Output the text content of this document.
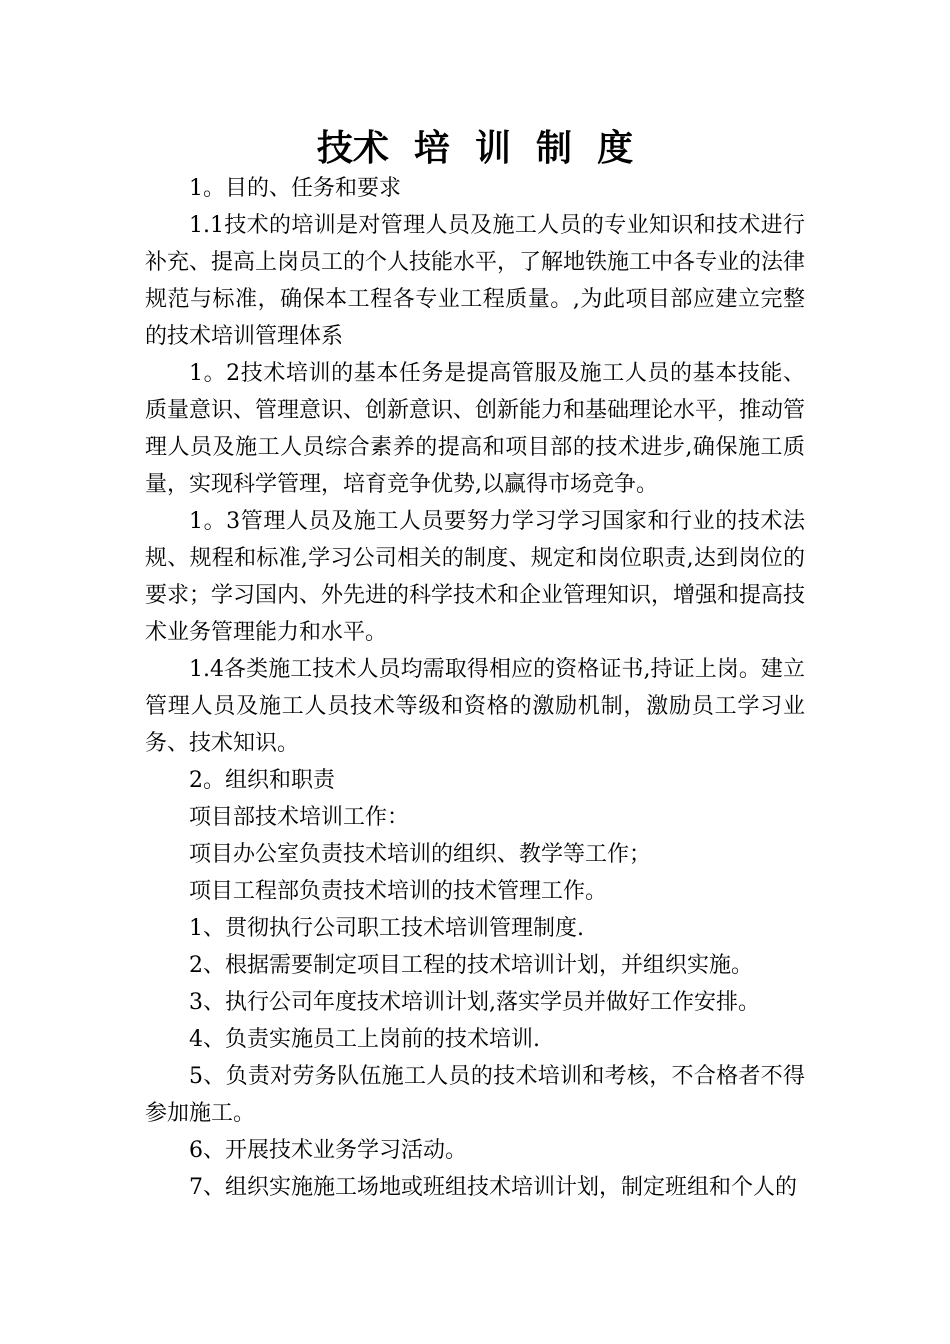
技术  培  训  制  度

1。目的、任务和要求

1.1技术的培训是对管理人员及施工人员的专业知识和技术进行补充、提高上岗员工的个人技能水平，了解地铁施工中各专业的法律规范与标准，确保本工程各专业工程质量。,为此项目部应建立完整的技术培训管理体系

1。2技术培训的基本任务是提高管服及施工人员的基本技能、质量意识、管理意识、创新意识、创新能力和基础理论水平，推动管理人员及施工人员综合素养的提高和项目部的技术进步,确保施工质量，实现科学管理，培育竞争优势,以赢得市场竞争。

1。3管理人员及施工人员要努力学习学习国家和行业的技术法规、规程和标准,学习公司相关的制度、规定和岗位职责,达到岗位的要求；学习国内、外先进的科学技术和企业管理知识，增强和提高技术业务管理能力和水平。

1.4各类施工技术人员均需取得相应的资格证书,持证上岗。建立管理人员及施工人员技术等级和资格的激励机制，激励员工学习业务、技术知识。

2。组织和职责

项目部技术培训工作：

项目办公室负责技术培训的组织、教学等工作；

项目工程部负责技术培训的技术管理工作。

1、贯彻执行公司职工技术培训管理制度.

2、根据需要制定项目工程的技术培训计划，并组织实施。

3、执行公司年度技术培训计划,落实学员并做好工作安排。

4、负责实施员工上岗前的技术培训.

5、负责对劳务队伍施工人员的技术培训和考核，不合格者不得参加施工。

6、开展技术业务学习活动。

7、组织实施施工场地或班组技术培训计划，制定班组和个人的
